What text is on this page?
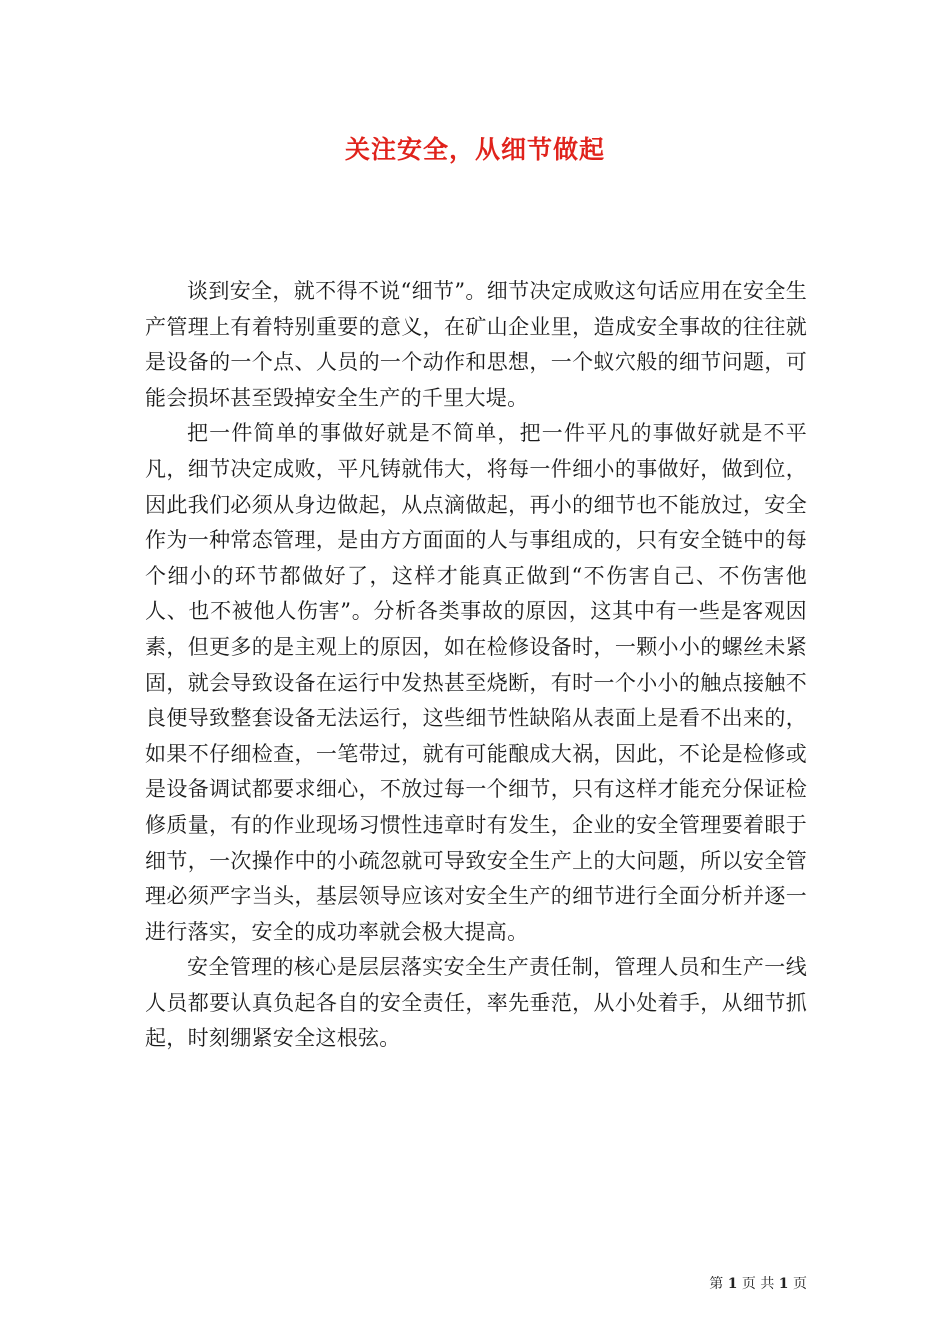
关注安全，从细节做起

谈到安全，就不得不说“细节”。细节决定成败这句话应用在安全生产管理上有着特别重要的意义，在矿山企业里，造成安全事故的往往就是设备的一个点、人员的一个动作和思想，一个蚁穴般的细节问题，可能会损坏甚至毁掉安全生产的千里大堤。

把一件简单的事做好就是不简单，把一件平凡的事做好就是不平凡，细节决定成败，平凡铸就伟大，将每一件细小的事做好，做到位，因此我们必须从身边做起，从点滴做起，再小的细节也不能放过，安全作为一种常态管理，是由方方面面的人与事组成的，只有安全链中的每个细小的环节都做好了，这样才能真正做到“不伤害自己、不伤害他人、也不被他人伤害”。分析各类事故的原因，这其中有一些是客观因素，但更多的是主观上的原因，如在检修设备时，一颗小小的螺丝未紧固，就会导致设备在运行中发热甚至烧断，有时一个小小的触点接触不良便导致整套设备无法运行，这些细节性缺陷从表面上是看不出来的，如果不仔细检查，一笔带过，就有可能酿成大祸，因此，不论是检修或是设备调试都要求细心，不放过每一个细节，只有这样才能充分保证检修质量，有的作业现场习惯性违章时有发生，企业的安全管理要着眼于细节，一次操作中的小疏忽就可导致安全生产上的大问题，所以安全管理必须严字当头，基层领导应该对安全生产的细节进行全面分析并逐一进行落实，安全的成功率就会极大提高。

安全管理的核心是层层落实安全生产责任制，管理人员和生产一线人员都要认真负起各自的安全责任，率先垂范，从小处着手，从细节抓起，时刻绷紧安全这根弦。

第 1 页 共 1 页
